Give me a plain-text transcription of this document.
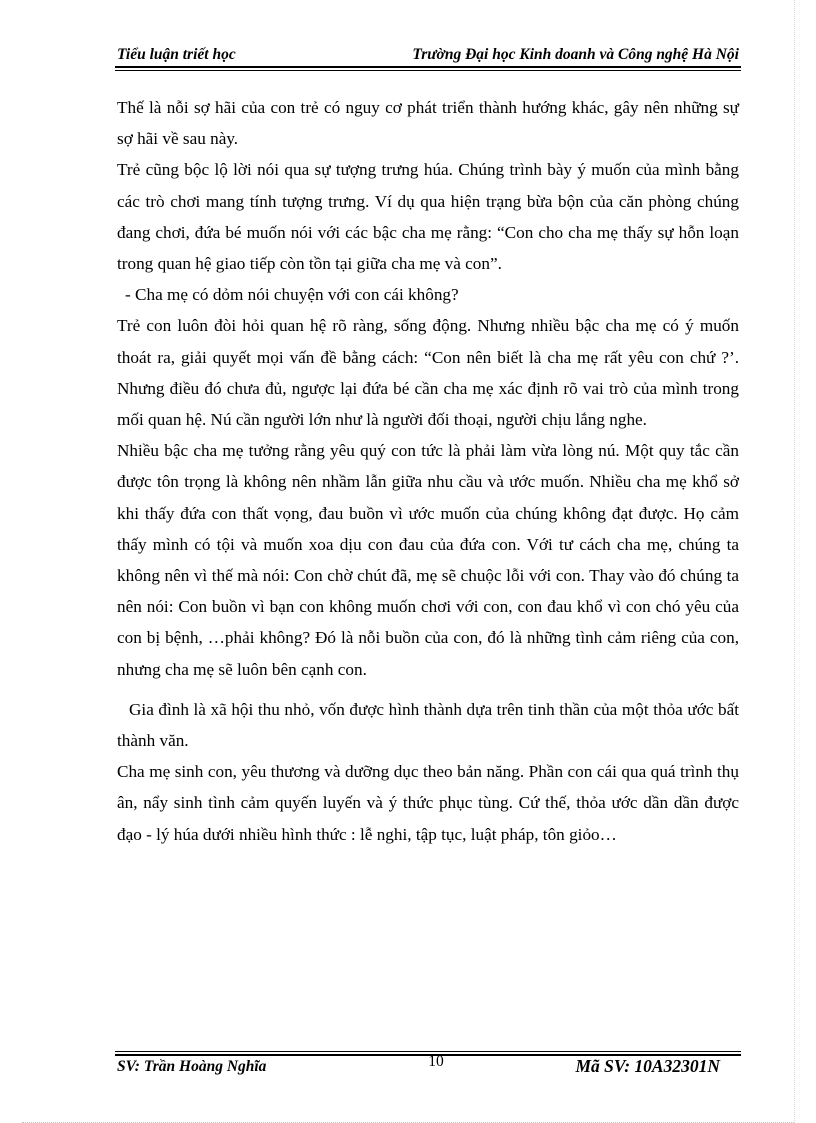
Tiểu luận triết học	Trường Đại học Kinh doanh và Công nghệ Hà Nội

Thế là nỗi sợ hãi của con trẻ có nguy cơ phát triển thành hướng khác, gây nên những sự sợ hãi về sau này.

Trẻ cũng bộc lộ lời nói qua sự tượng trưng húa. Chúng trình bày ý muốn của mình bằng các trò chơi mang tính tượng trưng. Ví dụ qua hiện trạng bừa bộn của căn phòng chúng đang chơi, đứa bé muốn nói với các bậc cha mẹ rằng: “Con cho cha mẹ thấy sự hỗn loạn trong quan hệ giao tiếp còn tồn tại giữa cha mẹ và con”.

- Cha mẹ có dỏm nói chuyện với con cái không?

Trẻ con luôn đòi hỏi quan hệ rõ ràng, sống động. Nhưng nhiều bậc cha mẹ có ý muốn thoát ra, giải quyết mọi vấn đề bằng cách: “Con nên biết là cha mẹ rất yêu con chứ ?’. Nhưng điều đó chưa đủ, ngược lại đứa bé cần cha mẹ xác định rõ vai trò của mình trong mối quan hệ. Nú cần người lớn như là người đối thoại, người chịu lắng nghe.

Nhiều bậc cha mẹ tưởng rằng yêu quý con tức là phải làm vừa lòng nú. Một quy tắc cần được tôn trọng là không nên nhầm lẫn giữa nhu cầu và ước muốn. Nhiều cha mẹ khổ sở khi thấy đứa con thất vọng, đau buồn vì ước muốn của chúng không đạt được. Họ cảm thấy mình có tội và muốn xoa dịu con đau của đứa con. Với tư cách cha mẹ, chúng ta không nên vì thế mà nói: Con chờ chút đã, mẹ sẽ chuộc lỗi với con. Thay vào đó chúng ta nên nói: Con buồn vì bạn con không muốn chơi với con, con đau khổ vì con chó yêu của con bị bệnh, …phải không? Đó là nỗi buồn của con, đó là những tình cảm riêng của con, nhưng cha mẹ sẽ luôn bên cạnh con.

Gia đình là xã hội thu nhỏ, vốn được hình thành dựa trên tinh thần của một thỏa ước bất thành văn.

Cha mẹ sinh con, yêu thương và dưỡng dục theo bản năng. Phần con cái qua quá trình thụ ân, nẩy sinh tình cảm quyến luyến và ý thức phục tùng. Cứ thế, thỏa ước dần dần được đạo - lý húa dưới nhiều hình thức : lễ nghi, tập tục, luật pháp, tôn giỏo…

SV: Trần Hoàng Nghĩa	10	Mã SV: 10A32301N
